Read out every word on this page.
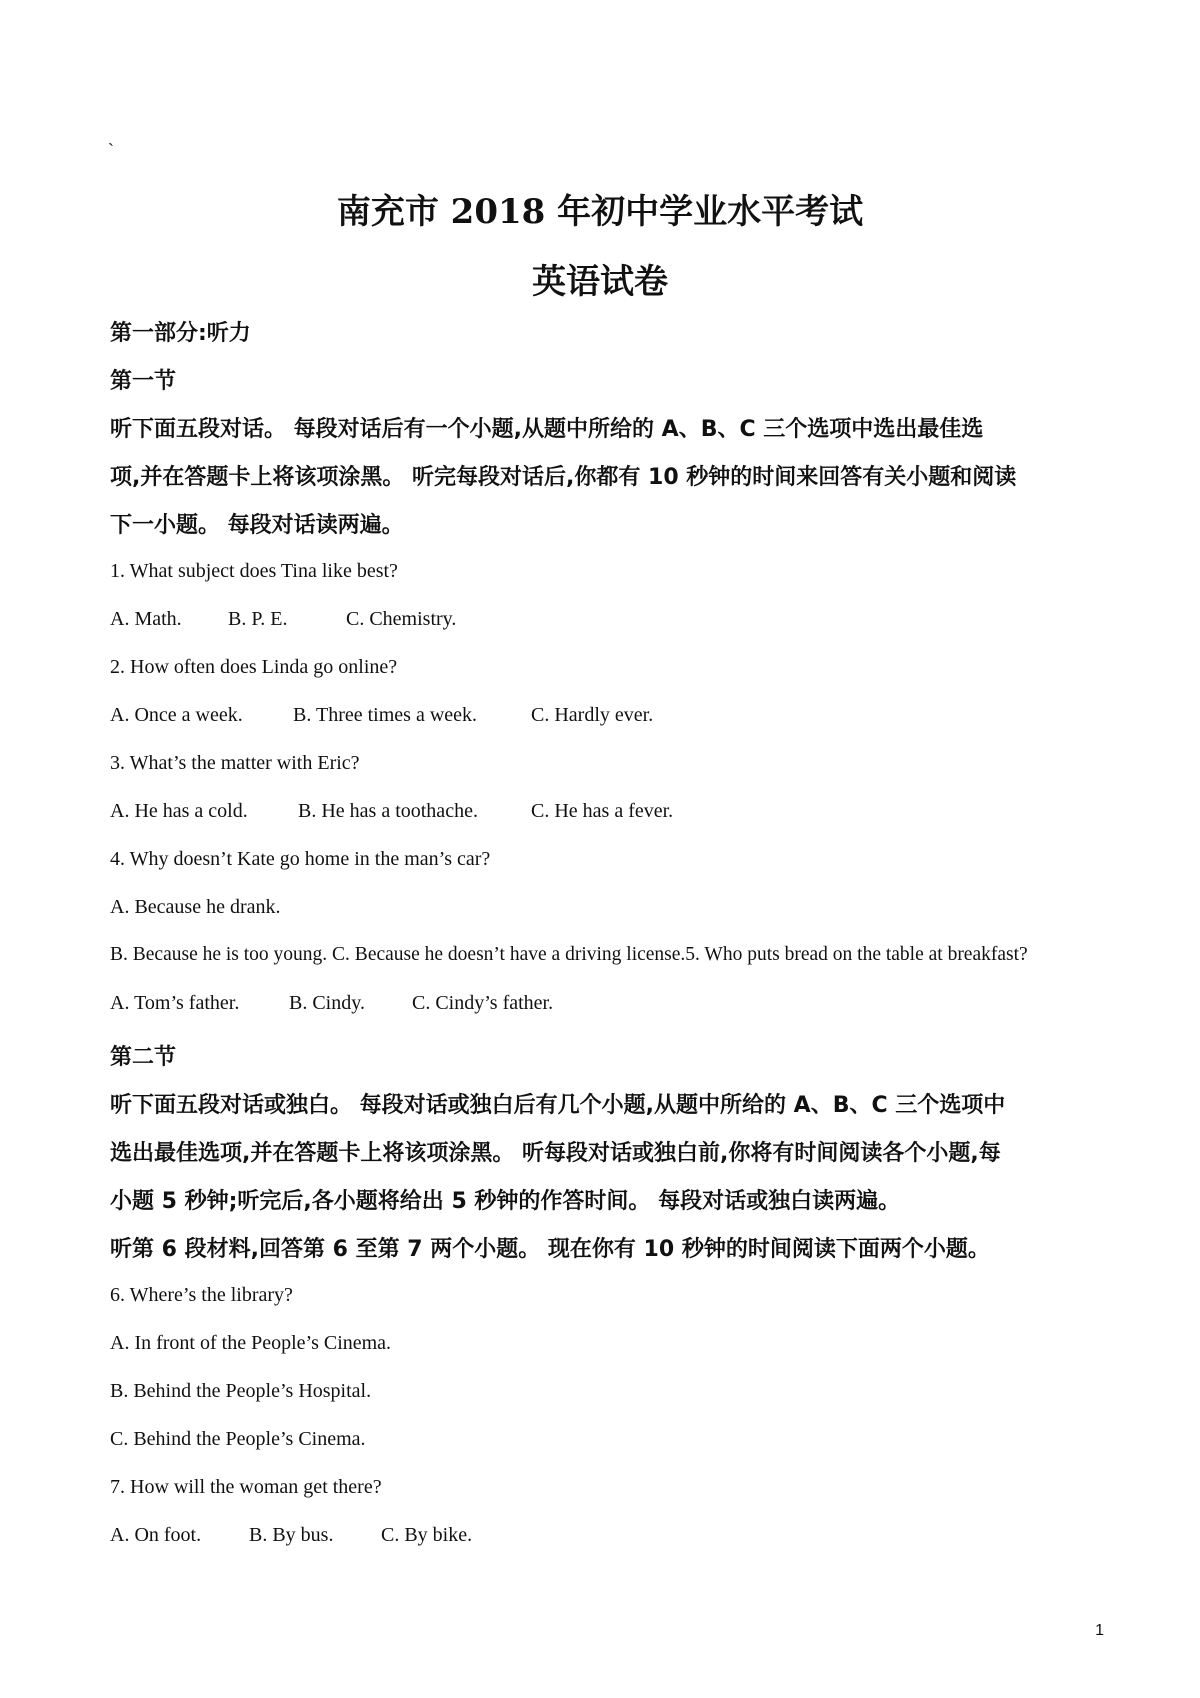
`
南充市 2018 年初中学业水平考试
英语试卷
第一部分:听力
第一节
听下面五段对话。 每段对话后有一个小题,从题中所给的 A、B、C 三个选项中选出最佳选
项,并在答题卡上将该项涂黑。 听完每段对话后,你都有 10 秒钟的时间来回答有关小题和阅读
下一小题。 每段对话读两遍。
1. What subject does Tina like best?
A. Math. B. P. E.	C. Chemistry.
2. How often does Linda go online?
A. Once a week.	B. Three times a week.	C. Hardly ever.
3. What’s the matter with Eric?
A. He has a cold.	B. He has a toothache.	C. He has a fever.
4. Why doesn’t Kate go home in the man’s car?
A. Because he drank.
B. Because he is too young. C. Because he doesn’t have a driving license.5. Who puts bread on the table at breakfast?
A. Tom’s father. B. Cindy. C. Cindy’s father.
第二节
听下面五段对话或独白。 每段对话或独白后有几个小题,从题中所给的 A、B、C 三个选项中
选出最佳选项,并在答题卡上将该项涂黑。 听每段对话或独白前,你将有时间阅读各个小题,每
小题 5 秒钟;听完后,各小题将给出 5 秒钟的作答时间。 每段对话或独白读两遍。
听第 6 段材料,回答第 6 至第 7 两个小题。 现在你有 10 秒钟的时间阅读下面两个小题。
6. Where’s the library?
A. In front of the People’s Cinema.
B. Behind the People’s Hospital.
C. Behind the People’s Cinema.
7. How will the woman get there?
A. On foot. B. By bus. C. By bike.
1
